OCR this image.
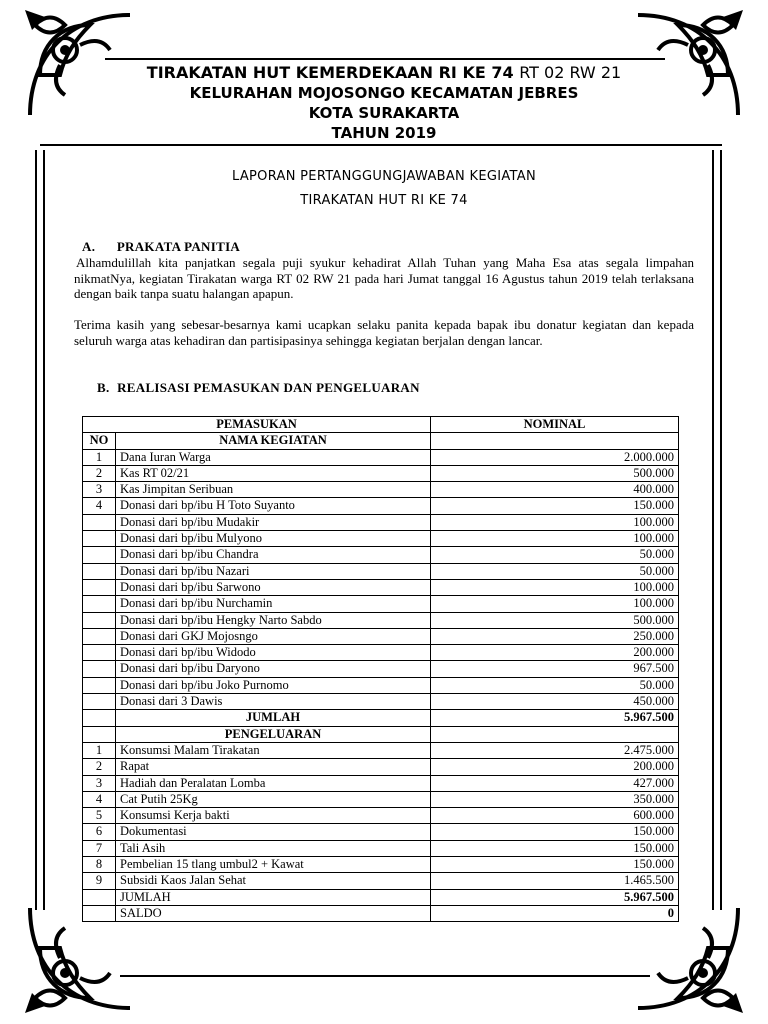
TIRAKATAN HUT KEMERDEKAAN RI KE 74 RT 02 RW 21
KELURAHAN MOJOSONGO KECAMATAN JEBRES
KOTA SURAKARTA
TAHUN 2019
LAPORAN PERTANGGUNGJAWABAN KEGIATAN
TIRAKATAN HUT RI KE 74
A. PRAKATA PANITIA
Alhamdulillah kita panjatkan segala puji syukur kehadirat Allah Tuhan yang Maha Esa atas segala limpahan nikmatNya, kegiatan Tirakatan warga RT 02 RW 21 pada hari Jumat tanggal 16 Agustus tahun 2019 telah terlaksana dengan baik tanpa suatu halangan apapun.
Terima kasih yang sebesar-besarnya kami ucapkan selaku panita kepada bapak ibu donatur kegiatan dan kepada seluruh warga atas kehadiran dan partisipasinya sehingga kegiatan berjalan dengan lancar.
B. REALISASI PEMASUKAN DAN PENGELUARAN
PEMASUKAN		NOMINAL
NO	NAMA KEGIATAN	
1	Dana Iuran Warga	2.000.000
2	Kas RT 02/21	500.000
3	Kas Jimpitan Seribuan	400.000
4	Donasi dari bp/ibu H Toto Suyanto	150.000
	Donasi dari bp/ibu Mudakir	100.000
	Donasi dari bp/ibu Mulyono	100.000
	Donasi dari bp/ibu Chandra	50.000
	Donasi dari bp/ibu Nazari	50.000
	Donasi dari bp/ibu Sarwono	100.000
	Donasi dari bp/ibu Nurchamin	100.000
	Donasi dari bp/ibu Hengky Narto Sabdo	500.000
	Donasi dari GKJ Mojosngo	250.000
	Donasi dari bp/ibu Widodo	200.000
	Donasi dari bp/ibu Daryono	967.500
	Donasi dari bp/ibu Joko Purnomo	50.000
	Donasi dari 3 Dawis	450.000
	JUMLAH	5.967.500
	PENGELUARAN	
1	Konsumsi Malam Tirakatan	2.475.000
2	Rapat	200.000
3	Hadiah dan Peralatan Lomba	427.000
4	Cat Putih 25Kg	350.000
5	Konsumsi Kerja bakti	600.000
6	Dokumentasi	150.000
7	Tali Asih	150.000
8	Pembelian 15 tlang umbul2 + Kawat	150.000
9	Subsidi Kaos Jalan Sehat	1.465.500
	JUMLAH	5.967.500
	SALDO	0
